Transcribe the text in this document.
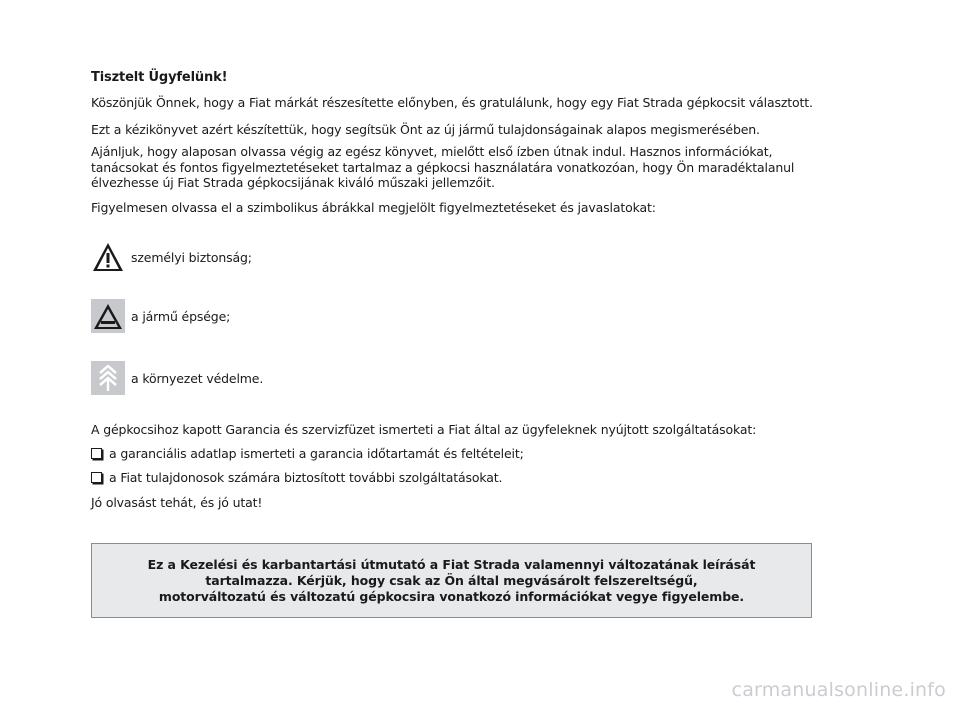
Tisztelt Ügyfelünk!

Köszönjük Önnek, hogy a Fiat márkát részesítette előnyben, és gratulálunk, hogy egy Fiat Strada gépkocsit választott.

Ezt a kézikönyvet azért készítettük, hogy segítsük Önt az új jármű tulajdonságainak alapos megismerésében.

Ajánljuk, hogy alaposan olvassa végig az egész könyvet, mielőtt első ízben útnak indul. Hasznos információkat,
tanácsokat és fontos figyelmeztetéseket tartalmaz a gépkocsi használatára vonatkozóan, hogy Ön maradéktalanul
élvezhesse új Fiat Strada gépkocsijának kiváló műszaki jellemzőit.

Figyelmesen olvassa el a szimbolikus ábrákkal megjelölt figyelmeztetéseket és javaslatokat:

személyi biztonság;
a jármű épsége;
a környezet védelme.

A gépkocsihoz kapott Garancia és szervizfüzet ismerteti a Fiat által az ügyfeleknek nyújtott szolgáltatásokat:

a garanciális adatlap ismerteti a garancia időtartamát és feltételeit;

a Fiat tulajdonosok számára biztosított további szolgáltatásokat.

Jó olvasást tehát, és jó utat!

Ez a Kezelési és karbantartási útmutató a Fiat Strada valamennyi változatának leírását

tartalmazza. Kérjük, hogy csak az Ön által megvásárolt felszereltségű,

motorváltozatú és változatú gépkocsira vonatkozó információkat vegye figyelembe.

carmanualsonline.info
